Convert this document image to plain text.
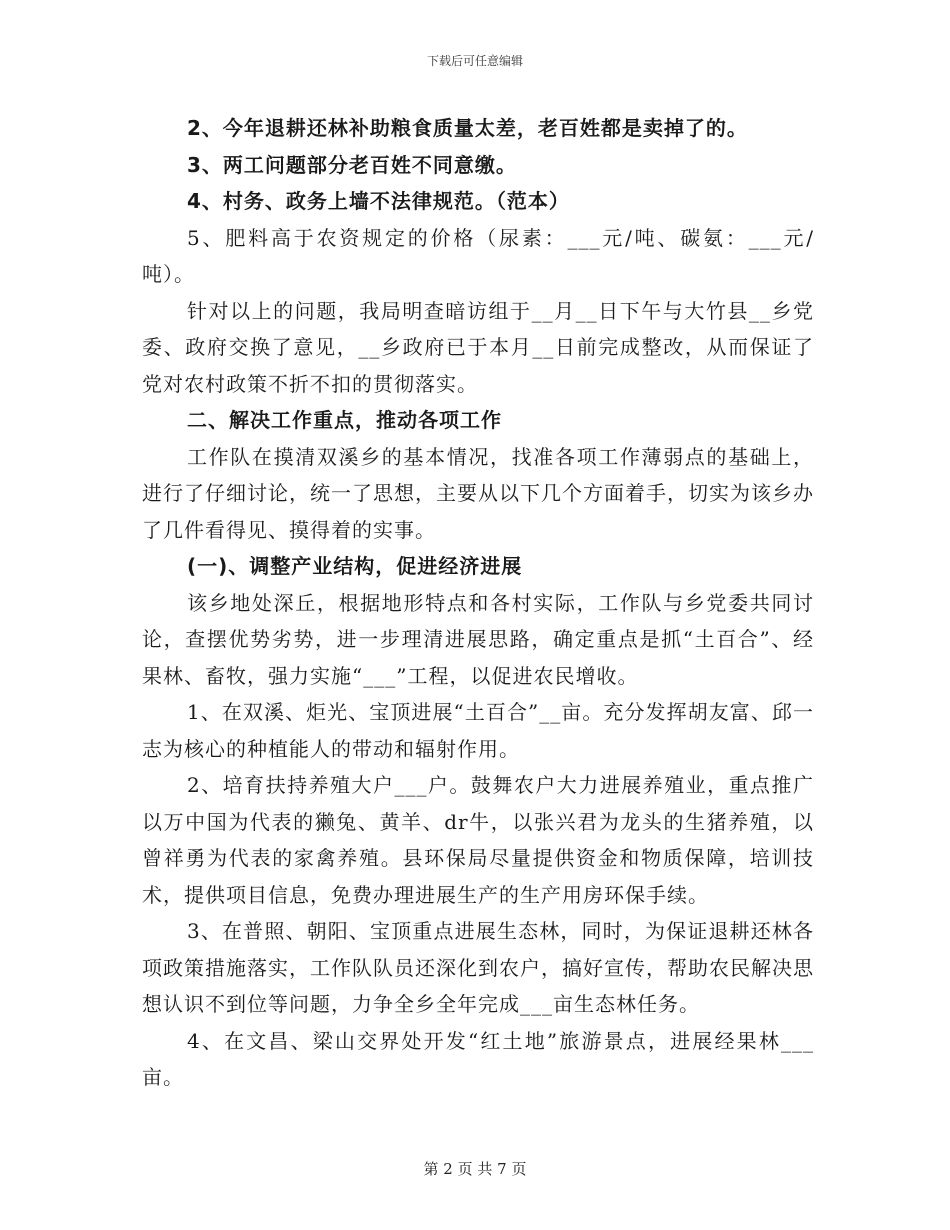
下载后可任意编辑

2、今年退耕还林补助粮食质量太差，老百姓都是卖掉了的。

3、两工问题部分老百姓不同意缴。

4、村务、政务上墙不法律规范。（范本）

5、肥料高于农资规定的价格（尿素：___元/吨、碳氨：___元/吨）。

针对以上的问题，我局明查暗访组于__月__日下午与大竹县__乡党委、政府交换了意见，__乡政府已于本月__日前完成整改，从而保证了党对农村政策不折不扣的贯彻落实。

二、解决工作重点，推动各项工作

工作队在摸清双溪乡的基本情况，找准各项工作薄弱点的基础上，进行了仔细讨论，统一了思想，主要从以下几个方面着手，切实为该乡办了几件看得见、摸得着的实事。

(一)、调整产业结构，促进经济进展

该乡地处深丘，根据地形特点和各村实际，工作队与乡党委共同讨论，查摆优势劣势，进一步理清进展思路，确定重点是抓“土百合”、经果林、畜牧，强力实施“___”工程，以促进农民增收。

1、在双溪、炬光、宝顶进展“土百合”__亩。充分发挥胡友富、邱一志为核心的种植能人的带动和辐射作用。

2、培育扶持养殖大户___户。鼓舞农户大力进展养殖业，重点推广以万中国为代表的獭兔、黄羊、dr牛，以张兴君为龙头的生猪养殖，以曾祥勇为代表的家禽养殖。县环保局尽量提供资金和物质保障，培训技术，提供项目信息，免费办理进展生产的生产用房环保手续。

3、在普照、朝阳、宝顶重点进展生态林，同时，为保证退耕还林各项政策措施落实，工作队队员还深化到农户，搞好宣传，帮助农民解决思想认识不到位等问题，力争全乡全年完成___亩生态林任务。

4、在文昌、梁山交界处开发“红土地”旅游景点，进展经果林___亩。

第 2 页 共 7 页
